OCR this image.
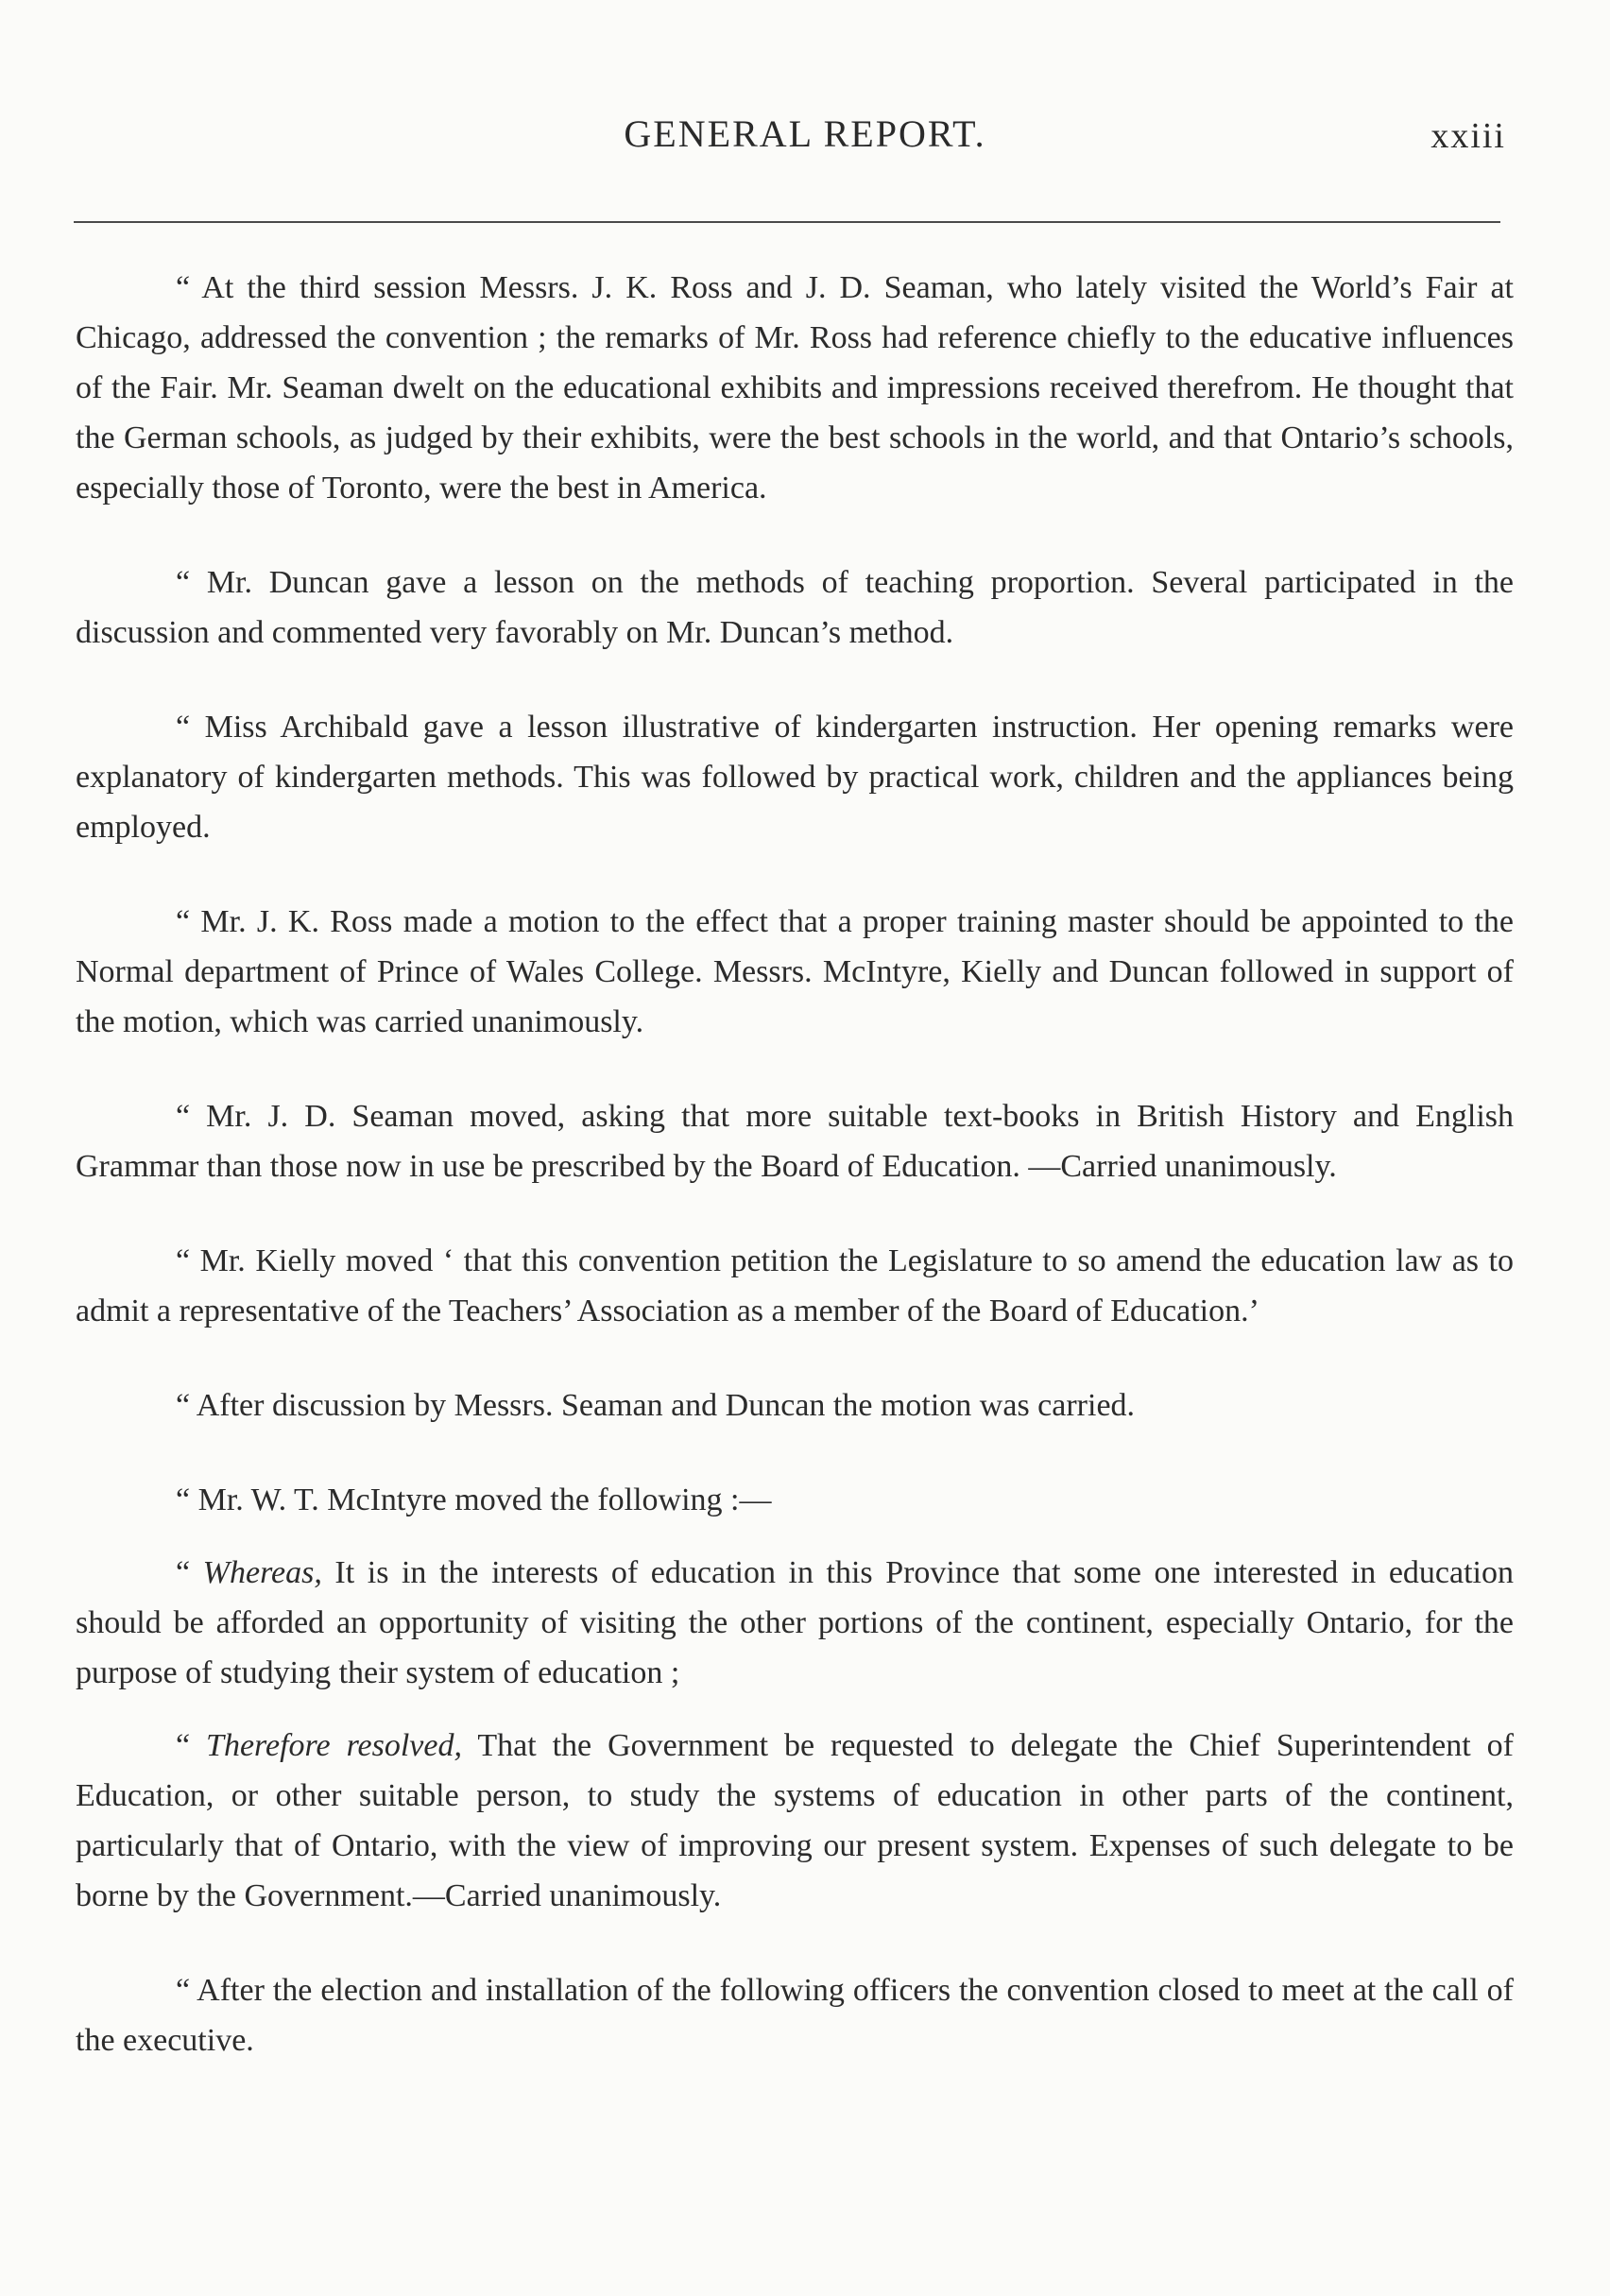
GENERAL REPORT.	xxiii

“ At the third session Messrs. J. K. Ross and J. D. Seaman, who lately visited the World’s Fair at Chicago, addressed the convention ; the remarks of Mr. Ross had reference chiefly to the educative influences of the Fair. Mr. Seaman dwelt on the educational exhibits and impressions received therefrom. He thought that the German schools, as judged by their exhibits, were the best schools in the world, and that Ontario’s schools, especially those of Toronto, were the best in America.

“ Mr. Duncan gave a lesson on the methods of teaching proportion. Several participated in the discussion and commented very favorably on Mr. Duncan’s method.

“ Miss Archibald gave a lesson illustrative of kindergarten instruction. Her opening remarks were explanatory of kindergarten methods. This was followed by practical work, children and the appliances being employed.

“ Mr. J. K. Ross made a motion to the effect that a proper training master should be appointed to the Normal department of Prince of Wales College. Messrs. McIntyre, Kielly and Duncan followed in support of the motion, which was carried unanimously.

“ Mr. J. D. Seaman moved, asking that more suitable text-books in British History and English Grammar than those now in use be prescribed by the Board of Education. —Carried unanimously.

“ Mr. Kielly moved ‘ that this convention petition the Legislature to so amend the education law as to admit a representative of the Teachers’ Association as a member of the Board of Education.’

“ After discussion by Messrs. Seaman and Duncan the motion was carried.

“ Mr. W. T. McIntyre moved the following :—

“ Whereas, It is in the interests of education in this Province that some one interested in education should be afforded an opportunity of visiting the other portions of the continent, especially Ontario, for the purpose of studying their system of education ;

“ Therefore resolved, That the Government be requested to delegate the Chief Superintendent of Education, or other suitable person, to study the systems of education in other parts of the continent, particularly that of Ontario, with the view of improving our present system. Expenses of such delegate to be borne by the Government.—Carried unanimously.

“ After the election and installation of the following officers the convention closed to meet at the call of the executive.
